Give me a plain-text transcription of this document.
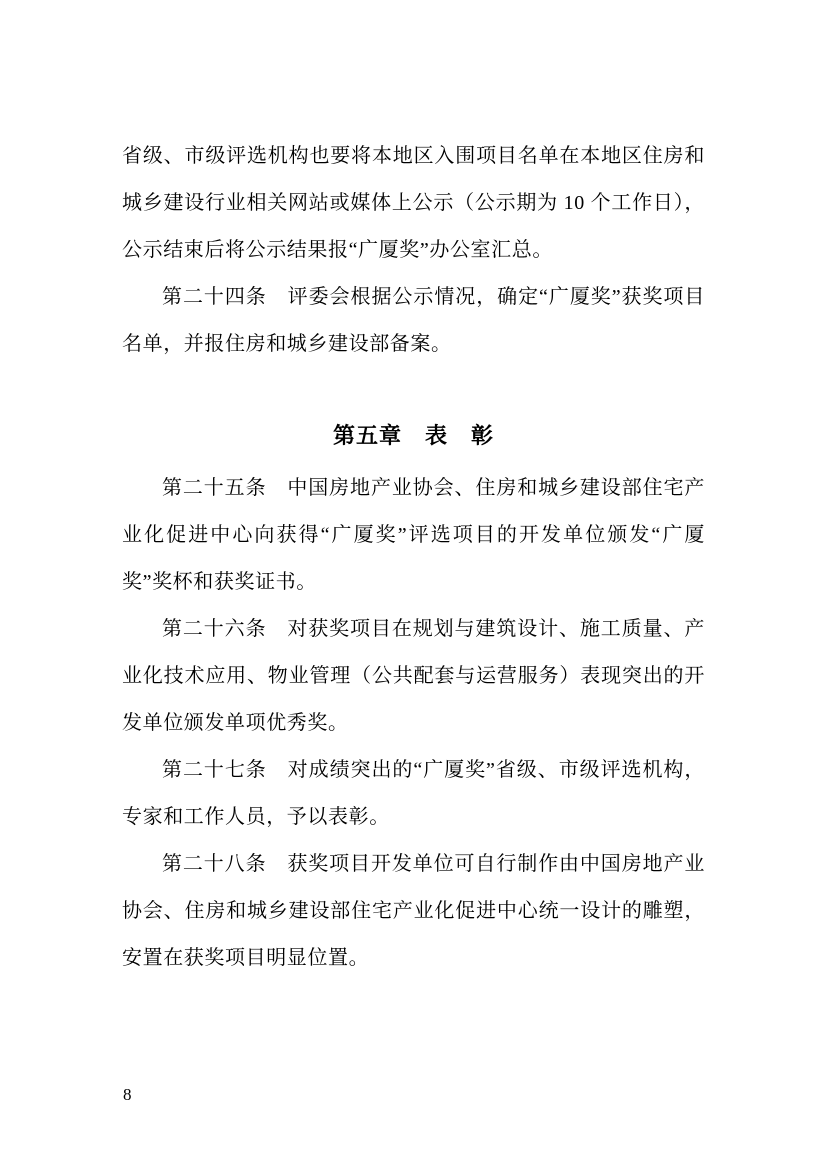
省级、市级评选机构也要将本地区入围项目名单在本地区住房和城乡建设行业相关网站或媒体上公示（公示期为 10 个工作日），公示结束后将公示结果报“广厦奖”办公室汇总。

第二十四条　评委会根据公示情况，确定“广厦奖”获奖项目名单，并报住房和城乡建设部备案。

第五章　表　彰

第二十五条　中国房地产业协会、住房和城乡建设部住宅产业化促进中心向获得“广厦奖”评选项目的开发单位颁发“广厦奖”奖杯和获奖证书。

第二十六条　对获奖项目在规划与建筑设计、施工质量、产业化技术应用、物业管理（公共配套与运营服务）表现突出的开发单位颁发单项优秀奖。

第二十七条　对成绩突出的“广厦奖”省级、市级评选机构，专家和工作人员，予以表彰。

第二十八条　获奖项目开发单位可自行制作由中国房地产业协会、住房和城乡建设部住宅产业化促进中心统一设计的雕塑，安置在获奖项目明显位置。

8
